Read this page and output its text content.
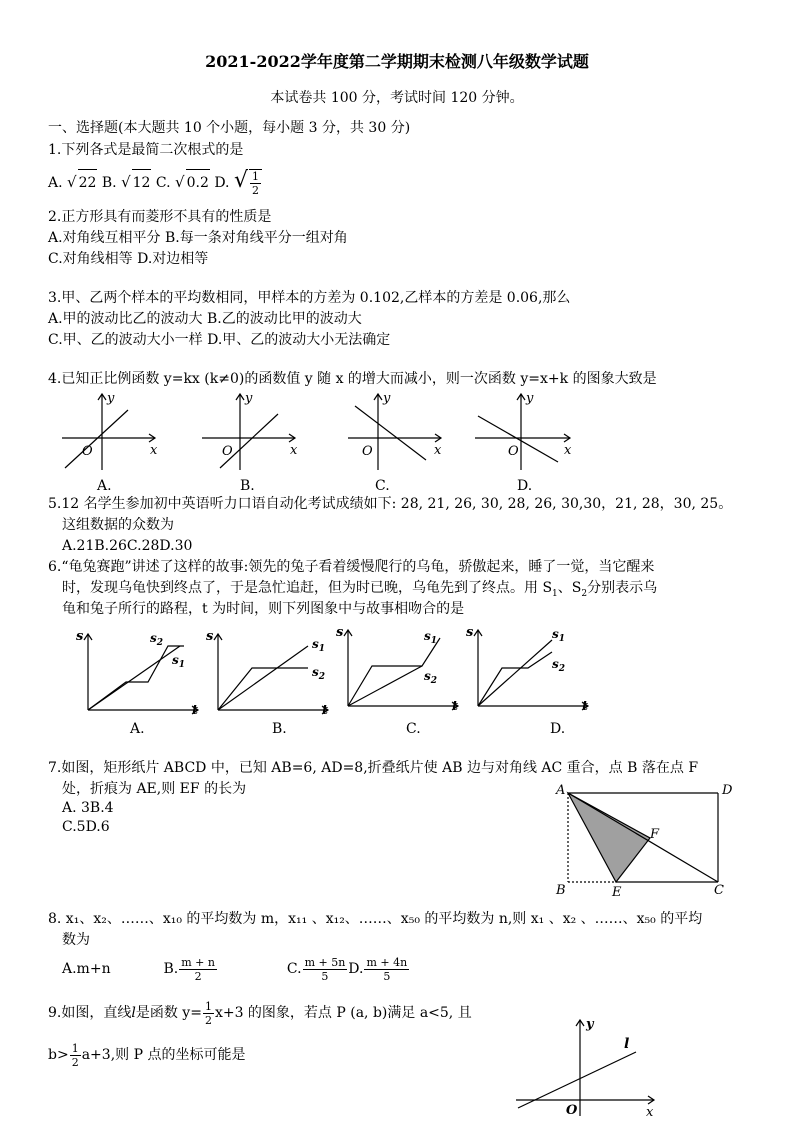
2021-2022学年度第二学期期末检测八年级数学试题
本试卷共 100 分，考试时间 120 分钟。
一、选择题(本大题共 10 个小题，每小题 3 分，共 30 分)
1.下列各式是最简二次根式的是
A. √ 22 B. √ 12 C. √ 0.2 D. √ $\frac{1}{2}$
2.正方形具有而菱形不具有的性质是
A.对角线互相平分 B.每一条对角线平分一组对角
C.对角线相等 D.对边相等
3.甲、乙两个样本的平均数相同，甲样本的方差为 0.102,乙样本的方差是 0.06,那么
A.甲的波动比乙的波动大 B.乙的波动比甲的波动大
C.甲、乙的波动大小一样 D.甲、乙的波动大小无法确定
4.已知正比例函数 y=kx (k≠0)的函数值 y 随 x 的增大而减小，则一次函数 y=x+k 的图象大致是
y
x
O
A.
y
x
O
B.
y
x
O
C.
y
x
O
D.
5.12 名学生参加初中英语听力口语自动化考试成绩如下: 28, 21, 26, 30, 28, 26, 30,30，21, 28，30, 25。
这组数据的众数为
A.21B.26C.28D.30
6.“龟兔赛跑”讲述了这样的故事:领先的兔子看着缓慢爬行的乌龟，骄傲起来，睡了一觉，当它醒来
时，发现乌龟快到终点了，于是急忙追赶，但为时已晚，乌龟先到了终点。用 $S_1$、$S_2$分别表示乌
龟和兔子所行的路程，t 为时间，则下列图象中与故事相吻合的是
s
t
$s_2$
$s_1$
A.
s
t
$s_1$
$s_2$
B.
s
t
$s_1$
$s_2$
C.
s
t
$s_1$
$s_2$
D.
7.如图，矩形纸片 ABCD 中，已知 AB=6, AD=8,折叠纸片使 AB 边与对角线 AC 重合，点 B 落在点 F
处，折痕为 AE,则 EF 的长为
A. 3B.4
C.5D.6
A	D
B	E	C
F
8. x₁、x₂、……、x₁₀ 的平均数为 m，x₁₁ 、x₁₂、……、x₅₀ 的平均数为 n,则 x₁ 、x₂ 、……、x₅₀ 的平均
数为
A.m+n	B. $\frac{m + n}{2}$	C. $\frac{m + 5n}{5} D$. $\frac{m + 4n}{5}$
9.如图，直线l是函数 $y= \frac{1}{2} x+3$ 的图象，若点 P (a, b)满足 a<5, 且
$b> \frac{1}{2} a+3$,则 P 点的坐标可能是
y
x
O
l
